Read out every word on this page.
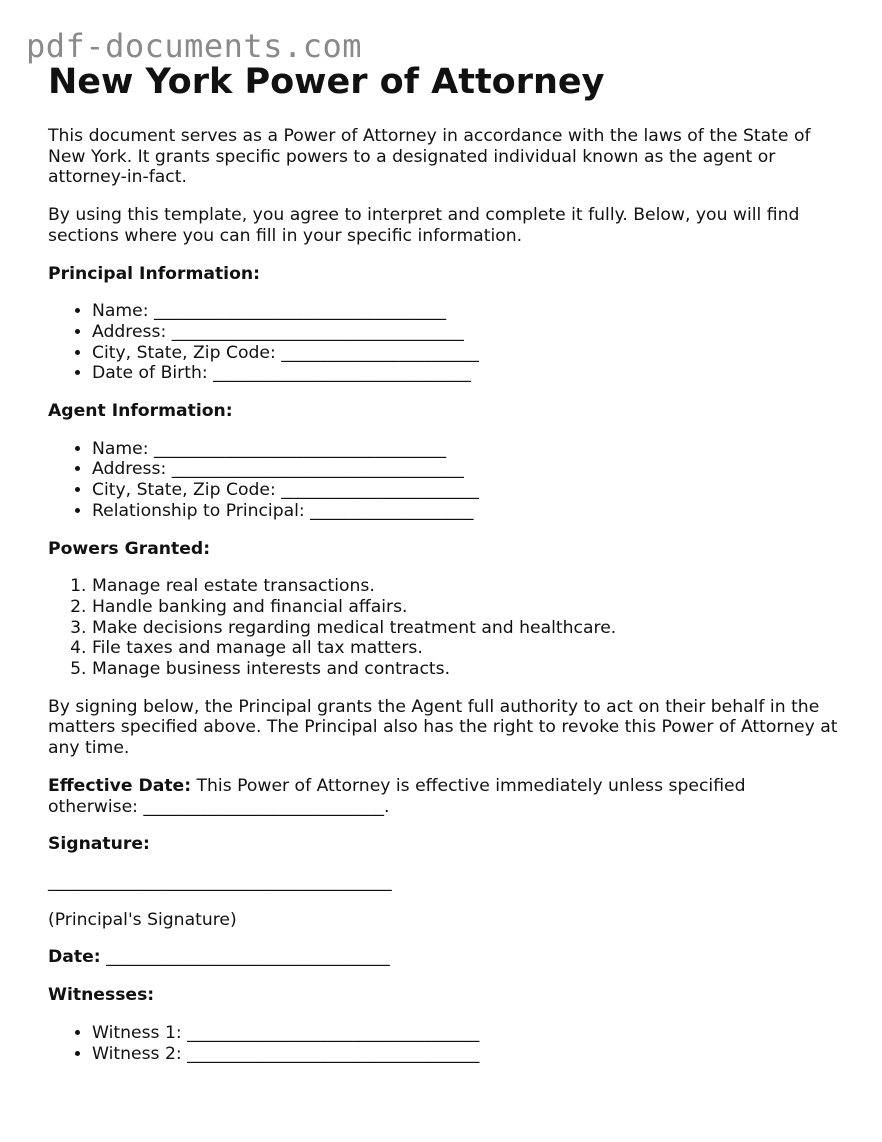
pdf-documents.com
New York Power of Attorney

This document serves as a Power of Attorney in accordance with the laws of the State of New York. It grants specific powers to a designated individual known as the agent or attorney-in-fact.

By using this template, you agree to interpret and complete it fully. Below, you will find sections where you can fill in your specific information.

Principal Information:

• Name: __________________________________
• Address: __________________________________
• City, State, Zip Code: _______________________
• Date of Birth: ______________________________

Agent Information:

• Name: __________________________________
• Address: __________________________________
• City, State, Zip Code: _______________________
• Relationship to Principal: ___________________

Powers Granted:

1. Manage real estate transactions.
2. Handle banking and financial affairs.
3. Make decisions regarding medical treatment and healthcare.
4. File taxes and manage all tax matters.
5. Manage business interests and contracts.

By signing below, the Principal grants the Agent full authority to act on their behalf in the matters specified above. The Principal also has the right to revoke this Power of Attorney at any time.

Effective Date: This Power of Attorney is effective immediately unless specified otherwise: ____________________________.

Signature:

________________________________________

(Principal's Signature)

Date: _________________________________

Witnesses:

• Witness 1: __________________________________
• Witness 2: __________________________________
